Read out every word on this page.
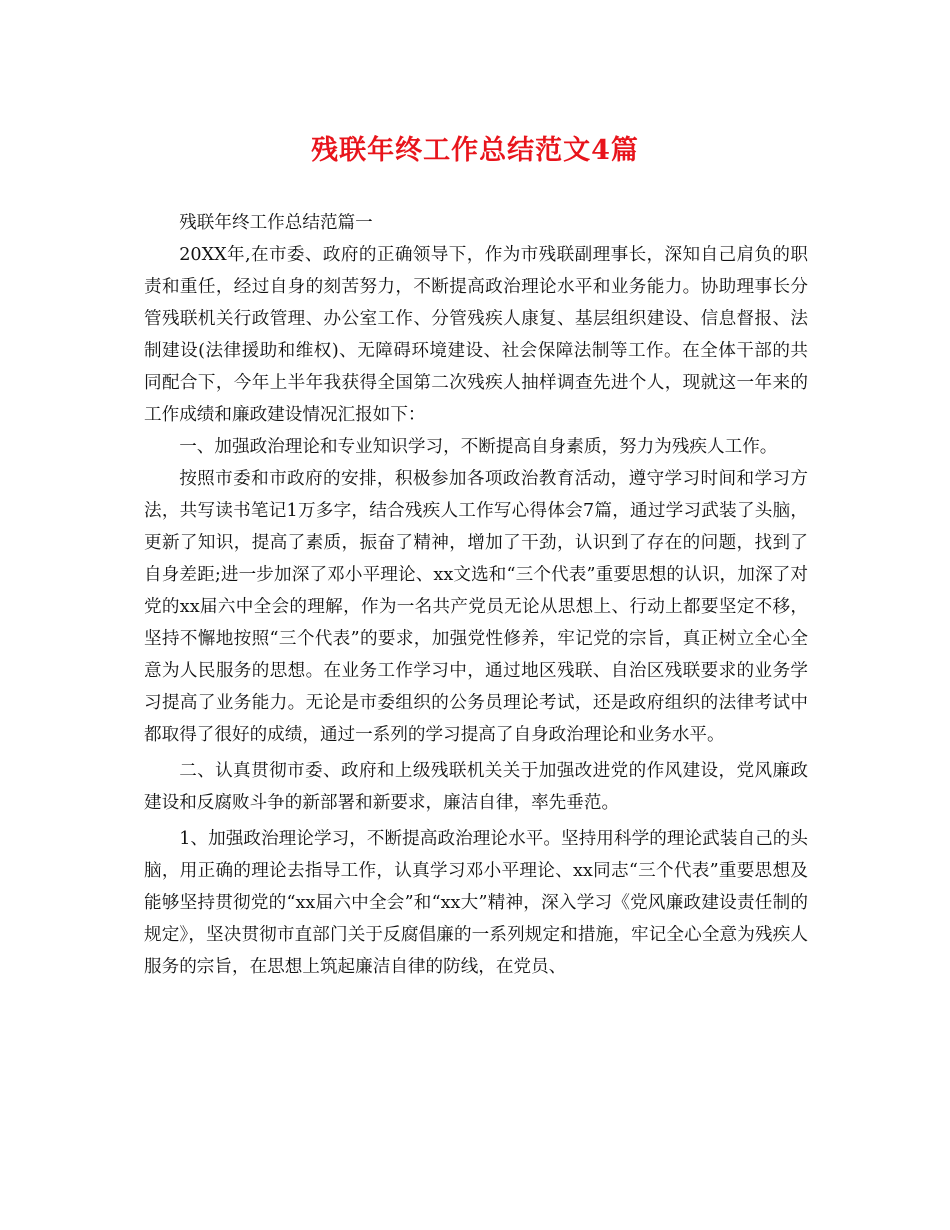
残联年终工作总结范文4篇

残联年终工作总结范篇一

20XX年,在市委、政府的正确领导下，作为市残联副理事长，深知自己肩负的职责和重任，经过自身的刻苦努力，不断提高政治理论水平和业务能力。协助理事长分管残联机关行政管理、办公室工作、分管残疾人康复、基层组织建设、信息督报、法制建设(法律援助和维权)、无障碍环境建设、社会保障法制等工作。在全体干部的共同配合下，今年上半年我获得全国第二次残疾人抽样调查先进个人，现就这一年来的工作成绩和廉政建设情况汇报如下：

一、加强政治理论和专业知识学习，不断提高自身素质，努力为残疾人工作。

按照市委和市政府的安排，积极参加各项政治教育活动，遵守学习时间和学习方法，共写读书笔记1万多字，结合残疾人工作写心得体会7篇，通过学习武装了头脑，更新了知识，提高了素质，振奋了精神，增加了干劲，认识到了存在的问题，找到了自身差距;进一步加深了邓小平理论、xx文选和“三个代表”重要思想的认识，加深了对党的xx届六中全会的理解，作为一名共产党员无论从思想上、行动上都要坚定不移，坚持不懈地按照“三个代表”的要求，加强党性修养，牢记党的宗旨，真正树立全心全意为人民服务的思想。在业务工作学习中，通过地区残联、自治区残联要求的业务学习提高了业务能力。无论是市委组织的公务员理论考试，还是政府组织的法律考试中都取得了很好的成绩，通过一系列的学习提高了自身政治理论和业务水平。

二、认真贯彻市委、政府和上级残联机关关于加强改进党的作风建设，党风廉政建设和反腐败斗争的新部署和新要求，廉洁自律，率先垂范。

1、加强政治理论学习，不断提高政治理论水平。坚持用科学的理论武装自己的头脑，用正确的理论去指导工作，认真学习邓小平理论、xx同志“三个代表”重要思想及能够坚持贯彻党的“xx届六中全会”和“xx大”精神，深入学习《党风廉政建设责任制的规定》，坚决贯彻市直部门关于反腐倡廉的一系列规定和措施，牢记全心全意为残疾人服务的宗旨，在思想上筑起廉洁自律的防线，在党员、
